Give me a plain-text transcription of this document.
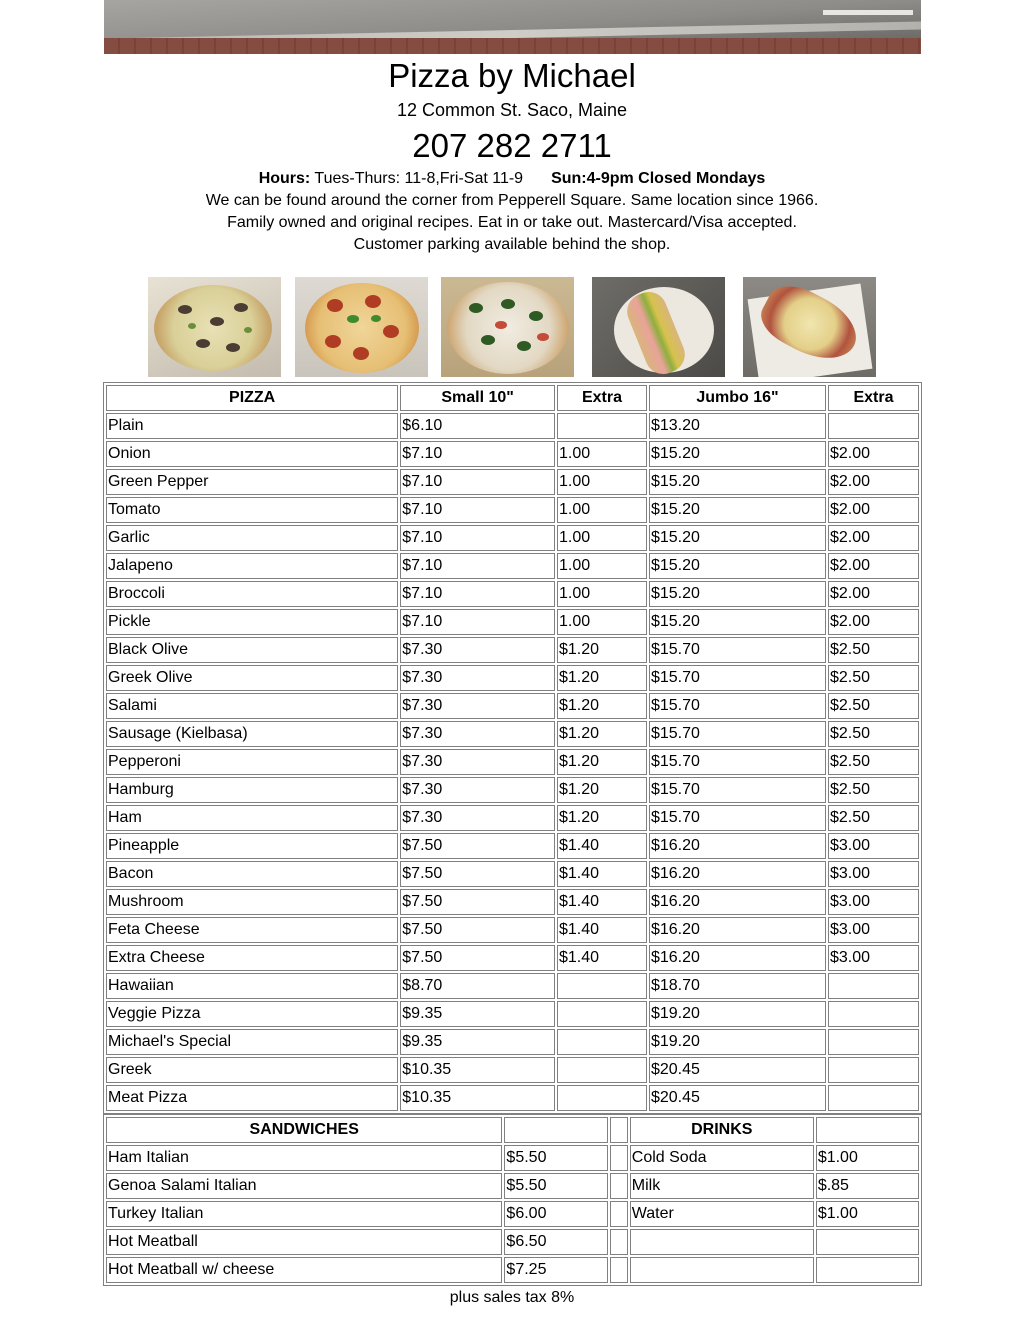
Pizza by Michael
12 Common St. Saco, Maine
207 282 2711
Hours: Tues-Thurs: 11-8,Fri-Sat 11-9 Sun:4-9pm Closed Mondays
We can be found around the corner from Pepperell Square. Same location since 1966.
Family owned and original recipes. Eat in or take out. Mastercard/Visa accepted.
Customer parking available behind the shop.
PIZZA	Small 10"	Extra	Jumbo 16"	Extra
Plain	$6.10		$13.20	
Onion	$7.10	1.00	$15.20	$2.00
Green Pepper	$7.10	1.00	$15.20	$2.00
Tomato	$7.10	1.00	$15.20	$2.00
Garlic	$7.10	1.00	$15.20	$2.00
Jalapeno	$7.10	1.00	$15.20	$2.00
Broccoli	$7.10	1.00	$15.20	$2.00
Pickle	$7.10	1.00	$15.20	$2.00
Black Olive	$7.30	$1.20	$15.70	$2.50
Greek Olive	$7.30	$1.20	$15.70	$2.50
Salami	$7.30	$1.20	$15.70	$2.50
Sausage (Kielbasa)	$7.30	$1.20	$15.70	$2.50
Pepperoni	$7.30	$1.20	$15.70	$2.50
Hamburg	$7.30	$1.20	$15.70	$2.50
Ham	$7.30	$1.20	$15.70	$2.50
Pineapple	$7.50	$1.40	$16.20	$3.00
Bacon	$7.50	$1.40	$16.20	$3.00
Mushroom	$7.50	$1.40	$16.20	$3.00
Feta Cheese	$7.50	$1.40	$16.20	$3.00
Extra Cheese	$7.50	$1.40	$16.20	$3.00
Hawaiian	$8.70		$18.70	
Veggie Pizza	$9.35		$19.20	
Michael's Special	$9.35		$19.20	
Greek	$10.35		$20.45	
Meat Pizza	$10.35		$20.45	
SANDWICHES			DRINKS	
Ham Italian	$5.50		Cold Soda	$1.00
Genoa Salami Italian	$5.50		Milk	$.85
Turkey Italian	$6.00		Water	$1.00
Hot Meatball	$6.50			
Hot Meatball w/ cheese	$7.25			
plus sales tax 8%
